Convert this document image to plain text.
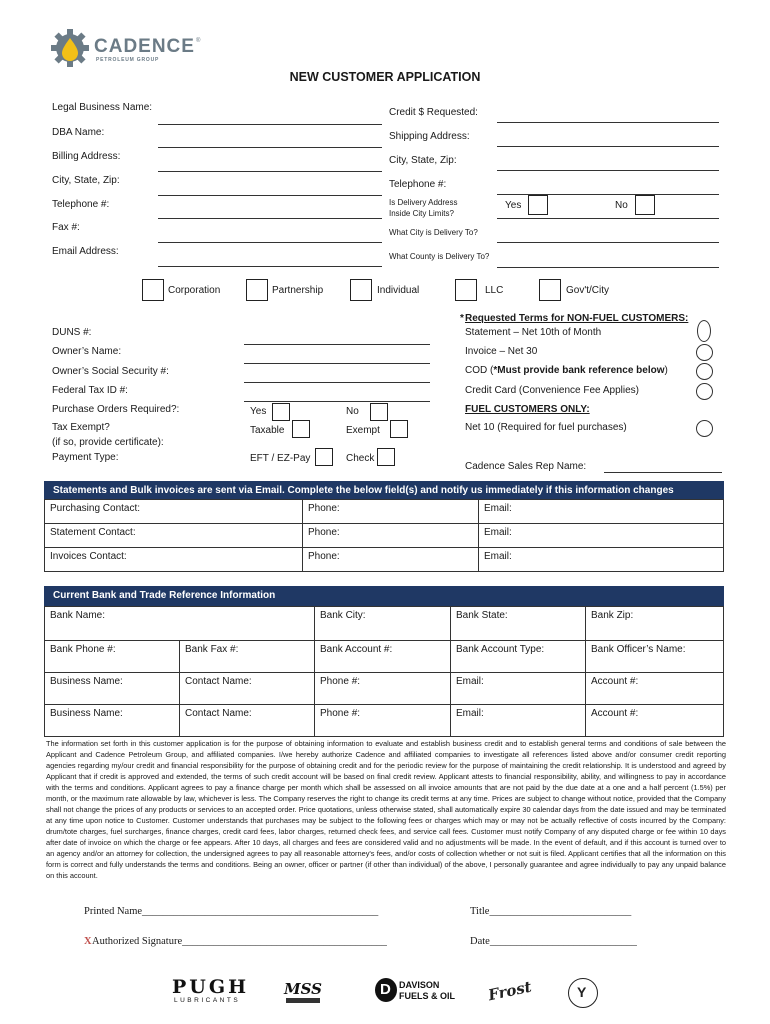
CADENCE ®
PETROLEUM GROUP
NEW CUSTOMER APPLICATION
Legal Business Name:
DBA Name:
Billing Address:
City, State, Zip:
Telephone #:
Fax #:
Email Address:
Credit $ Requested:
Shipping Address:
City, State, Zip:
Telephone #:
Is Delivery Address
Inside City Limits?
Yes	No
What City is Delivery To?
What County is Delivery To?
Corporation	Partnership	Individual	LLC	Gov't/City
DUNS #:
Owner’s Name:
Owner’s Social Security #:
Federal Tax ID #:
Purchase Orders Required?:	Yes	No
Tax Exempt?
(if so, provide certificate):
Taxable	Exempt
Payment Type:	EFT / EZ-Pay	Check
* Requested Terms for NON-FUEL CUSTOMERS:
Statement – Net 10th of Month
Invoice – Net 30
COD (*Must provide bank reference below)
Credit Card (Convenience Fee Applies)
FUEL CUSTOMERS ONLY:
Net 10 (Required for fuel purchases)
Cadence Sales Rep Name:
Statements and Bulk invoices are sent via Email. Complete the below field(s) and notify us immediately if this information changes
Purchasing Contact:	Phone:	Email:
Statement Contact:	Phone:	Email:
Invoices Contact:	Phone:	Email:
Current Bank and Trade Reference Information
Bank Name:		Bank City:	Bank State:	Bank Zip:
Bank Phone #:	Bank Fax #:	Bank Account #:	Bank Account Type:	Bank Officer’s Name:
Business Name:	Contact Name:	Phone #:	Email:	Account #:
Business Name:	Contact Name:	Phone #:	Email:	Account #:
The information set forth in this customer application is for the purpose of obtaining information to evaluate and establish business credit and to establish general terms and conditions of sale between the Applicant and Cadence Petroleum Group, and affiliated companies. I/we hereby authorize Cadence and affiliated companies to investigate all references listed above and/or consumer credit reporting agencies regarding my/our credit and financial responsibility for the purpose of obtaining credit and for the periodic review for the purpose of maintaining the credit relationship. It is understood and agreed by Applicant that if credit is approved and extended, the terms of such credit account will be based on final credit review. Applicant attests to financial responsibility, ability, and willingness to pay in accordance with the terms and conditions. Applicant agrees to pay a finance charge per month which shall be assessed on all invoice amounts that are not paid by the due date at a one and a half percent (1.5%) per month, or the maximum rate allowable by law, whichever is less. The Company reserves the right to change its credit terms at any time. Prices are subject to change without notice, provided that the Company shall not change the prices of any products or services to an accepted order. Price quotations, unless otherwise stated, shall automatically expire 30 calendar days from the date issued and may be terminated at any time upon notice to Customer. Customer understands that purchases may be subject to the following fees or charges which may or may not be actually reflective of costs incurred by the Company: drum/tote charges, fuel surcharges, finance charges, credit card fees, labor charges, returned check fees, and service call fees. Customer must notify Company of any disputed charge or fee within 10 days after date of invoice on which the charge or fee appears. After 10 days, all charges and fees are considered valid and no adjustments will be made. In the event of default, and if this account is turned over to an agency and/or an attorney for collection, the undersigned agrees to pay all reasonable attorney's fees, and/or costs of collection whether or not suit is filed. Applicant certifies that all the information on this form is correct and fully understands the terms and conditions. Being an owner, officer or partner (if other than individual) of the above, I personally guarantee and agree individually to pay any unpaid balance on this account.
Printed Name_____________________________________________	Title___________________________
X Authorized Signature_______________________________________	Date____________________________
PUGH
LUBRICANTS
MSS	D DAVISON
FUELS & OIL Frost	Y
